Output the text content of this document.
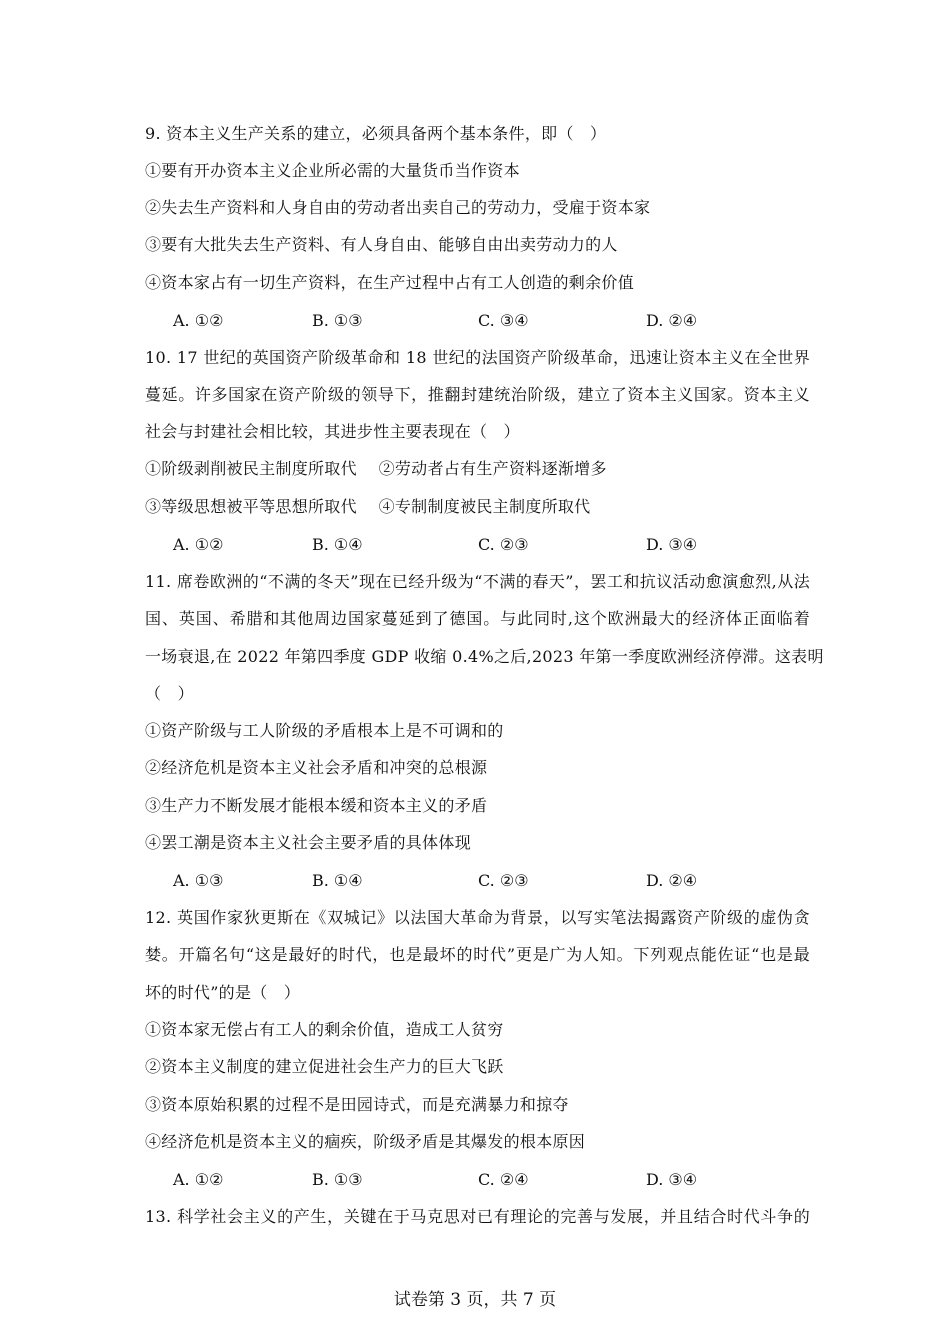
9. 资本主义生产关系的建立，必须具备两个基本条件，即（　）
①要有开办资本主义企业所必需的大量货币当作资本
②失去生产资料和人身自由的劳动者出卖自己的劳动力，受雇于资本家
③要有大批失去生产资料、有人身自由、能够自由出卖劳动力的人
④资本家占有一切生产资料，在生产过程中占有工人创造的剩余价值
A. ①②	B. ①③	C. ③④	D. ②④
10. 17 世纪的英国资产阶级革命和 18 世纪的法国资产阶级革命，迅速让资本主义在全世界
蔓延。许多国家在资产阶级的领导下，推翻封建统治阶级，建立了资本主义国家。资本主义
社会与封建社会相比较，其进步性主要表现在（　）
①阶级剥削被民主制度所取代　 ②劳动者占有生产资料逐渐增多
③等级思想被平等思想所取代　 ④专制制度被民主制度所取代
A. ①②	B. ①④	C. ②③	D. ③④
11. 席卷欧洲的“不满的冬天”现在已经升级为“不满的春天”，罢工和抗议活动愈演愈烈,从法
国、英国、希腊和其他周边国家蔓延到了德国。与此同时,这个欧洲最大的经济体正面临着
一场衰退,在 2022 年第四季度 GDP 收缩 0.4%之后,2023 年第一季度欧洲经济停滞。这表明
（　）
①资产阶级与工人阶级的矛盾根本上是不可调和的
②经济危机是资本主义社会矛盾和冲突的总根源
③生产力不断发展才能根本缓和资本主义的矛盾
④罢工潮是资本主义社会主要矛盾的具体体现
A. ①③	B. ①④	C. ②③	D. ②④
12. 英国作家狄更斯在《双城记》以法国大革命为背景，以写实笔法揭露资产阶级的虚伪贪
婪。开篇名句“这是最好的时代，也是最坏的时代”更是广为人知。下列观点能佐证“也是最
坏的时代”的是（　）
①资本家无偿占有工人的剩余价值，造成工人贫穷
②资本主义制度的建立促进社会生产力的巨大飞跃
③资本原始积累的过程不是田园诗式，而是充满暴力和掠夺
④经济危机是资本主义的痼疾，阶级矛盾是其爆发的根本原因
A. ①②	B. ①③	C. ②④	D. ③④
13. 科学社会主义的产生，关键在于马克思对已有理论的完善与发展，并且结合时代斗争的
试卷第 3 页，共 7 页
